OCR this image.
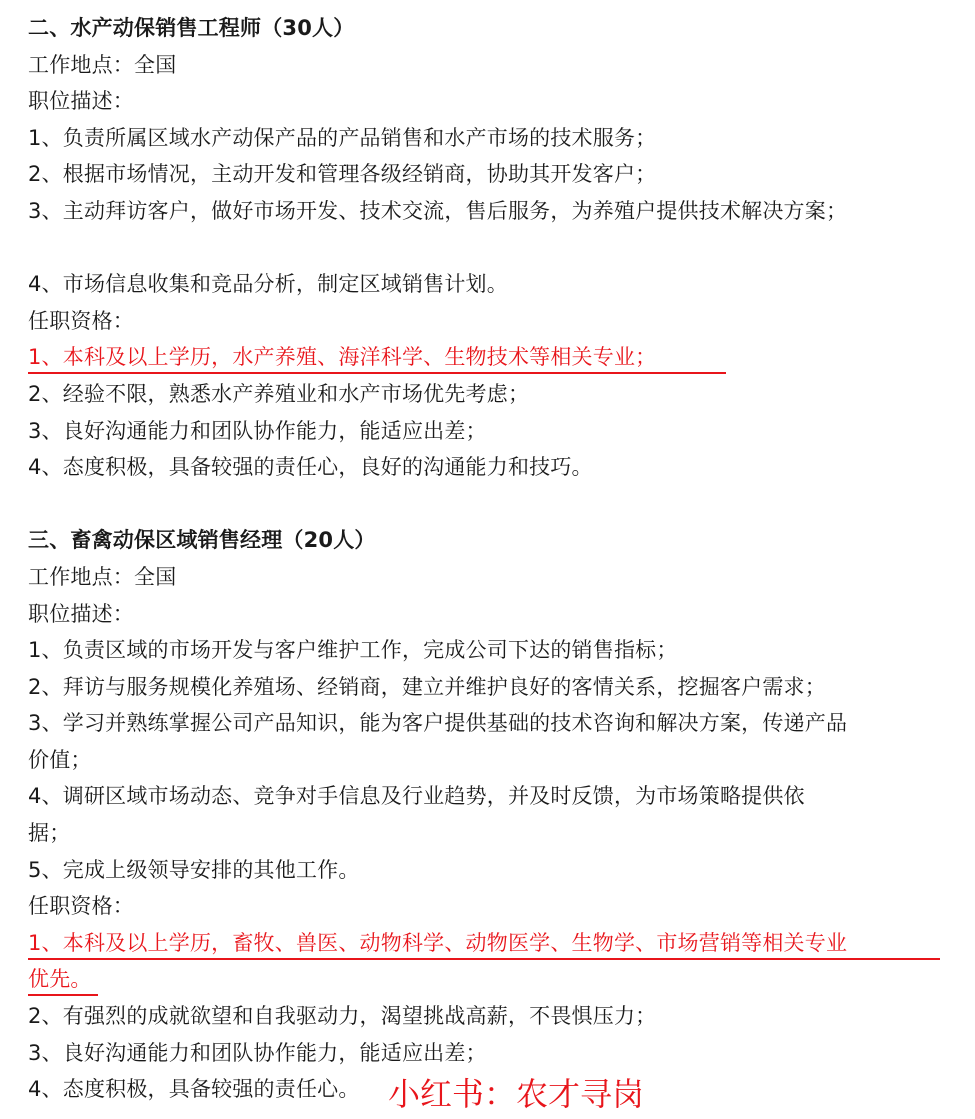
二、水产动保销售工程师（30人）
工作地点：全国
职位描述：
1、负责所属区域水产动保产品的产品销售和水产市场的技术服务；
2、根据市场情况，主动开发和管理各级经销商，协助其开发客户；
3、主动拜访客户，做好市场开发、技术交流，售后服务，为养殖户提供技术解决方案；
4、市场信息收集和竞品分析，制定区域销售计划。
任职资格：
1、本科及以上学历，水产养殖、海洋科学、生物技术等相关专业；
2、经验不限，熟悉水产养殖业和水产市场优先考虑；
3、良好沟通能力和团队协作能力，能适应出差；
4、态度积极，具备较强的责任心，良好的沟通能力和技巧。
三、畜禽动保区域销售经理（20人）
工作地点：全国
职位描述：
1、负责区域的市场开发与客户维护工作，完成公司下达的销售指标；
2、拜访与服务规模化养殖场、经销商，建立并维护良好的客情关系，挖掘客户需求；
3、学习并熟练掌握公司产品知识，能为客户提供基础的技术咨询和解决方案，传递产品
价值；
4、调研区域市场动态、竞争对手信息及行业趋势，并及时反馈，为市场策略提供依
据；
5、完成上级领导安排的其他工作。
任职资格：
1、本科及以上学历，畜牧、兽医、动物科学、动物医学、生物学、市场营销等相关专业
优先。
2、有强烈的成就欲望和自我驱动力，渴望挑战高薪，不畏惧压力；
3、良好沟通能力和团队协作能力，能适应出差；
4、态度积极，具备较强的责任心。 小红书：农才寻岗
